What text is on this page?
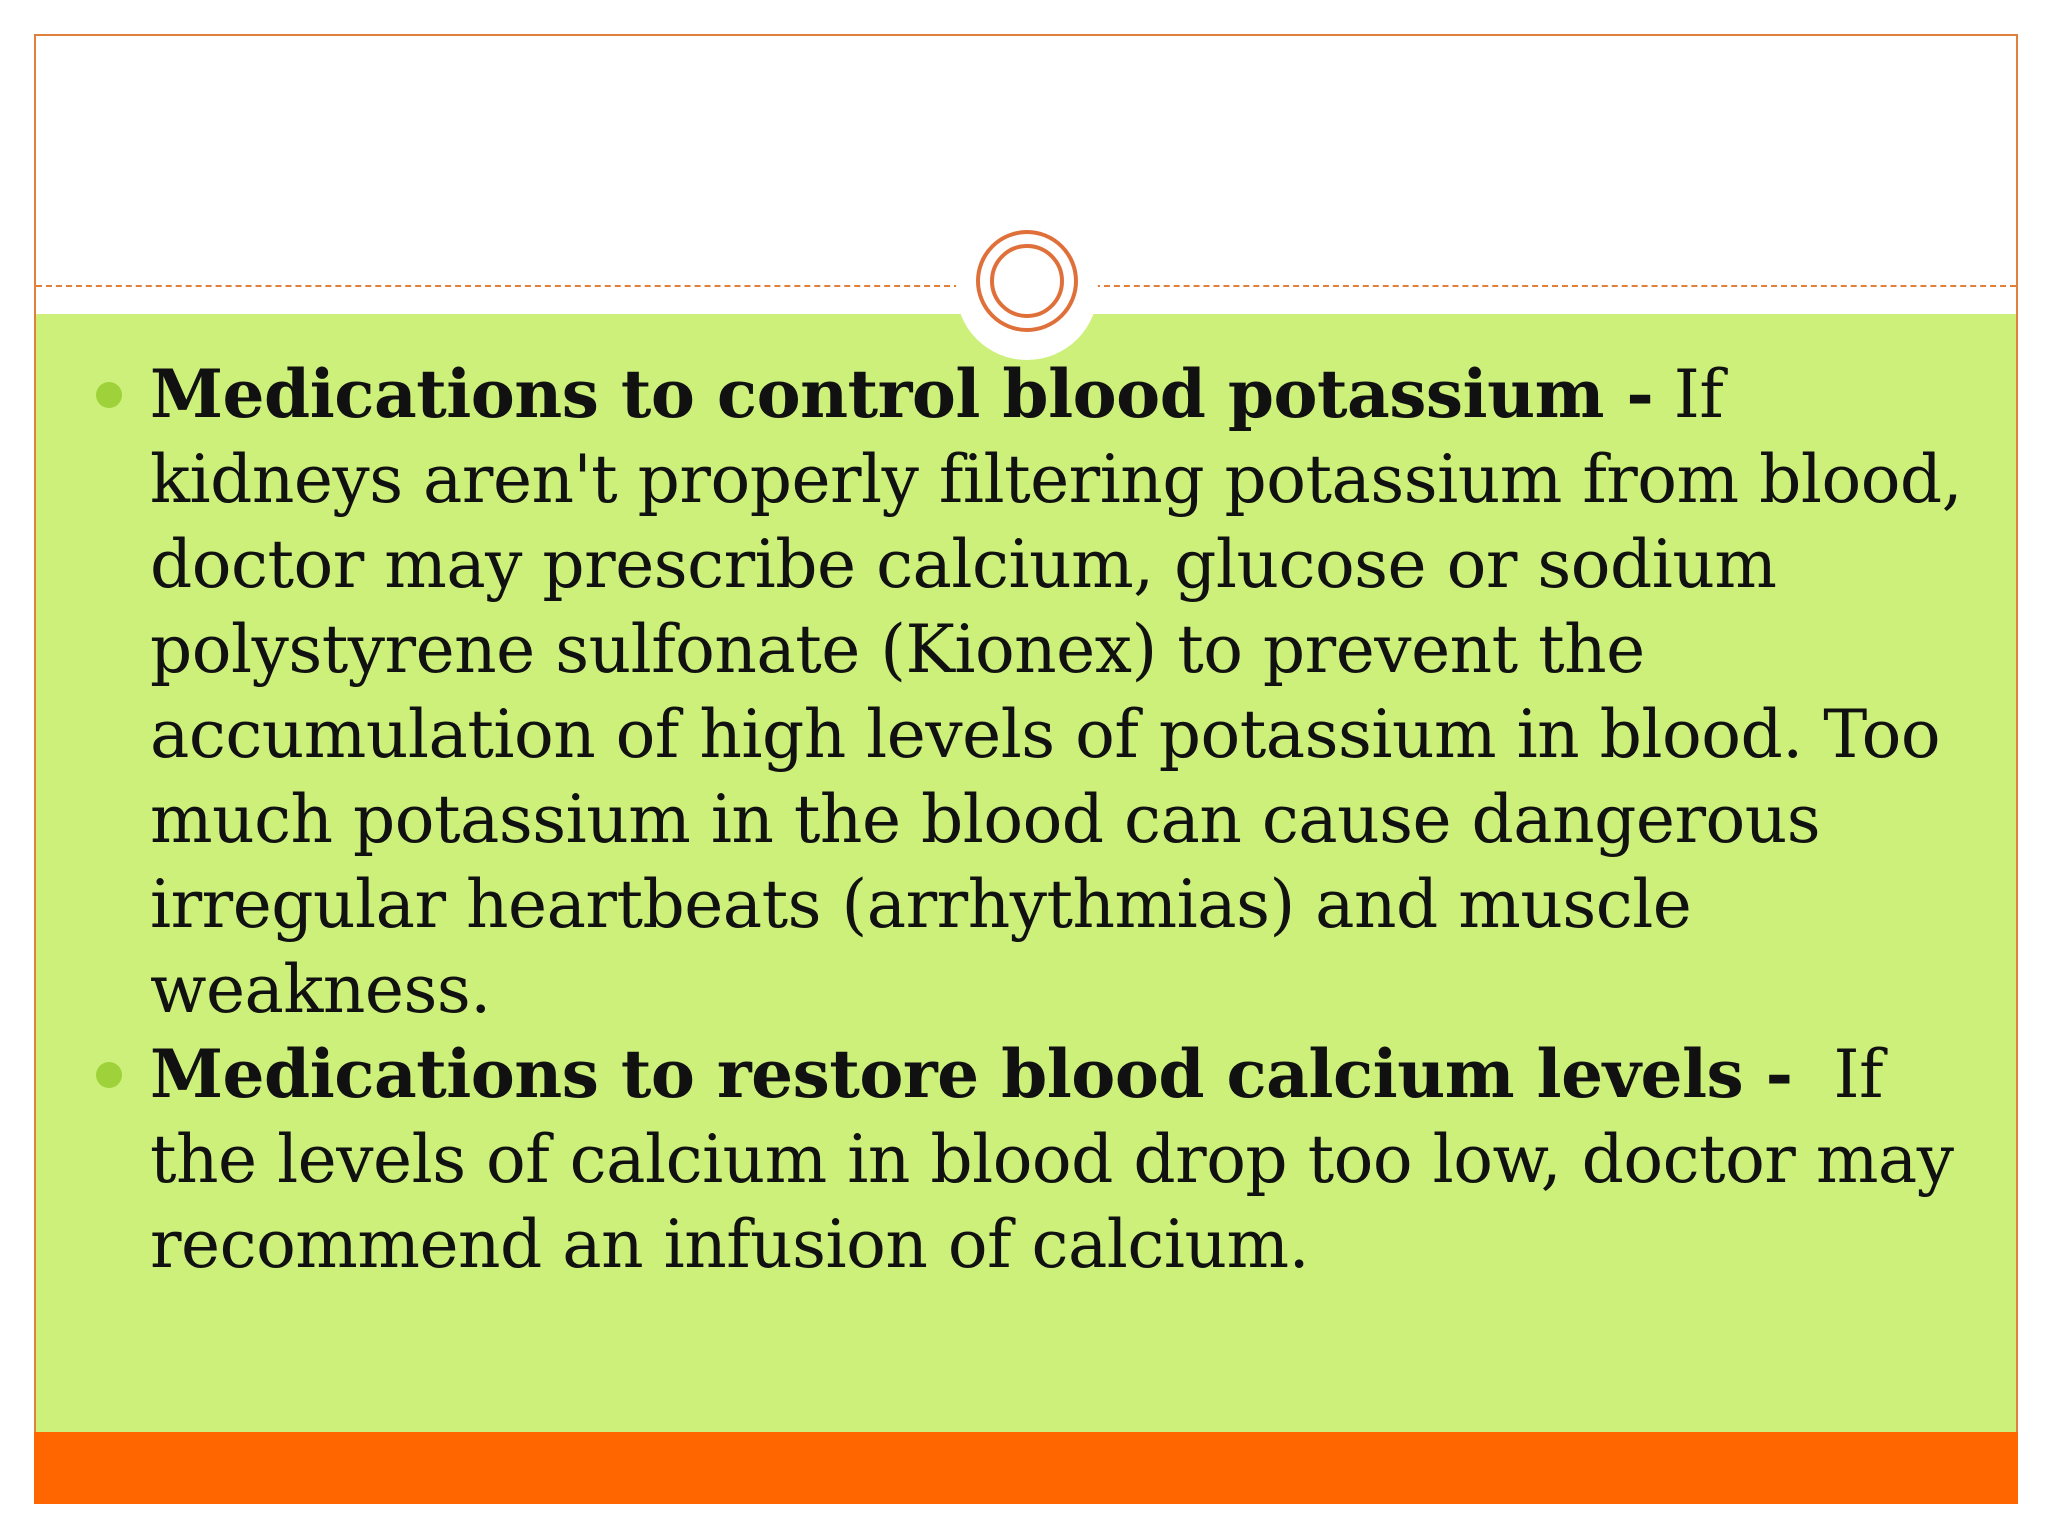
Medications to control blood potassium - If kidneys aren't properly filtering potassium from blood, doctor may prescribe calcium, glucose or sodium polystyrene sulfonate (Kionex) to prevent the accumulation of high levels of potassium in blood. Too much potassium in the blood can cause dangerous irregular heartbeats (arrhythmias) and muscle weakness.
Medications to restore blood calcium levels -  If the levels of calcium in blood drop too low, doctor may recommend an infusion of calcium.
